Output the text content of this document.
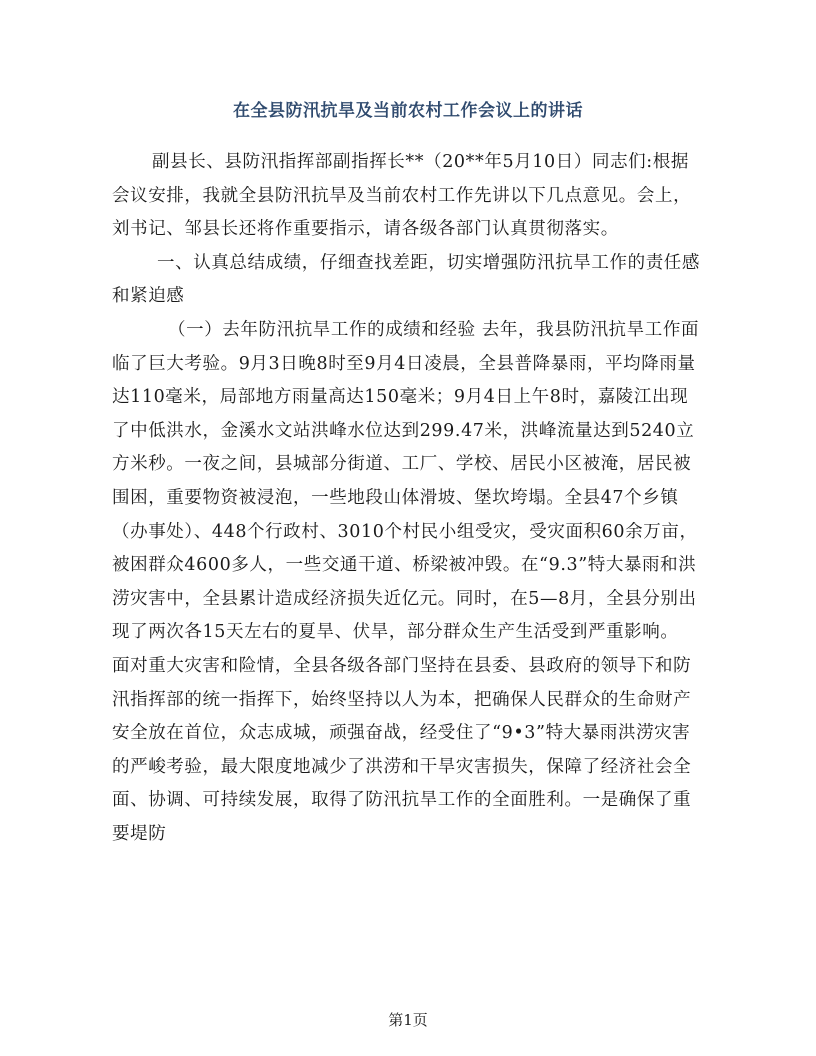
在全县防汛抗旱及当前农村工作会议上的讲话

副县长、县防汛指挥部副指挥长**（20**年5月10日）同志们:根据会议安排，我就全县防汛抗旱及当前农村工作先讲以下几点意见。会上，刘书记、邹县长还将作重要指示，请各级各部门认真贯彻落实。

一、认真总结成绩，仔细查找差距，切实增强防汛抗旱工作的责任感和紧迫感

（一）去年防汛抗旱工作的成绩和经验 去年，我县防汛抗旱工作面临了巨大考验。9月3日晚8时至9月4日凌晨，全县普降暴雨，平均降雨量达110毫米，局部地方雨量高达150毫米；9月4日上午8时，嘉陵江出现了中低洪水，金溪水文站洪峰水位达到299.47米，洪峰流量达到5240立方米秒。一夜之间，县城部分街道、工厂、学校、居民小区被淹，居民被围困，重要物资被浸泡，一些地段山体滑坡、堡坎垮塌。全县47个乡镇（办事处）、448个行政村、3010个村民小组受灾，受灾面积60余万亩，被困群众4600多人，一些交通干道、桥梁被冲毁。在“9.3”特大暴雨和洪涝灾害中，全县累计造成经济损失近亿元。同时，在5—8月，全县分别出现了两次各15天左右的夏旱、伏旱，部分群众生产生活受到严重影响。 面对重大灾害和险情，全县各级各部门坚持在县委、县政府的领导下和防汛指挥部的统一指挥下，始终坚持以人为本，把确保人民群众的生命财产安全放在首位，众志成城，顽强奋战，经受住了“9•3”特大暴雨洪涝灾害的严峻考验，最大限度地减少了洪涝和干旱灾害损失，保障了经济社会全面、协调、可持续发展，取得了防汛抗旱工作的全面胜利。一是确保了重要堤防

第1页
